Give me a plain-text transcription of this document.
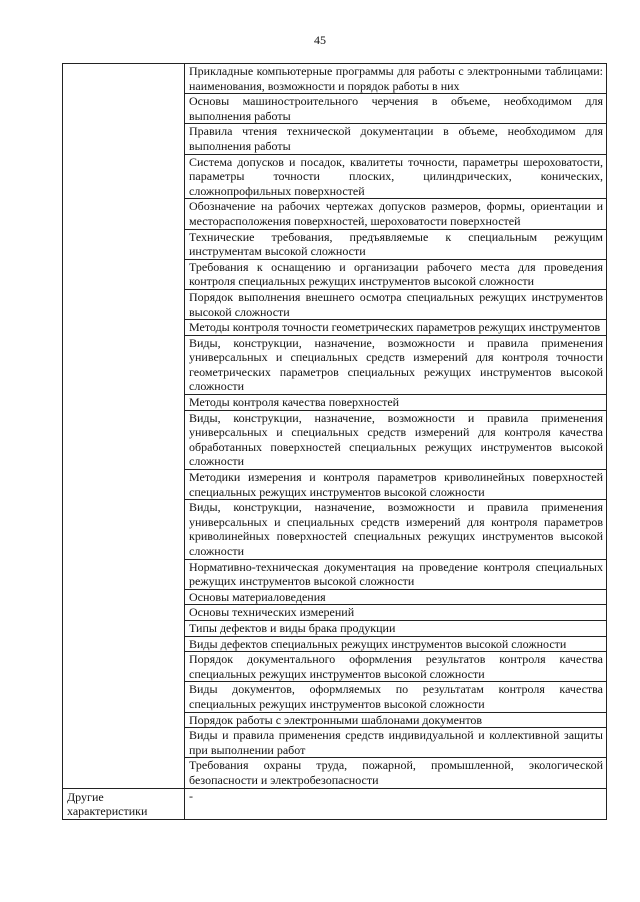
45
	Прикладные компьютерные программы для работы с электронными таблицами: наименования, возможности и порядок работы в них
	Основы машиностроительного черчения в объеме, необходимом для выполнения работы
	Правила чтения технической документации в объеме, необходимом для выполнения работы
	Система допусков и посадок, квалитеты точности, параметры шероховатости, параметры точности плоских, цилиндрических, конических, сложнопрофильных поверхностей
	Обозначение на рабочих чертежах допусков размеров, формы, ориентации и месторасположения поверхностей, шероховатости поверхностей
	Технические требования, предъявляемые к специальным режущим инструментам высокой сложности
	Требования к оснащению и организации рабочего места для проведения контроля специальных режущих инструментов высокой сложности
	Порядок выполнения внешнего осмотра специальных режущих инструментов высокой сложности
	Методы контроля точности геометрических параметров режущих инструментов
	Виды, конструкции, назначение, возможности и правила применения универсальных и специальных средств измерений для контроля точности геометрических параметров специальных режущих инструментов высокой сложности
	Методы контроля качества поверхностей
	Виды, конструкции, назначение, возможности и правила применения универсальных и специальных средств измерений для контроля качества обработанных поверхностей специальных режущих инструментов высокой сложности
	Методики измерения и контроля параметров криволинейных поверхностей специальных режущих инструментов высокой сложности
	Виды, конструкции, назначение, возможности и правила применения универсальных и специальных средств измерений для контроля параметров криволинейных поверхностей специальных режущих инструментов высокой сложности
	Нормативно-техническая документация на проведение контроля специальных режущих инструментов высокой сложности
	Основы материаловедения
	Основы технических измерений
	Типы дефектов и виды брака продукции
	Виды дефектов специальных режущих инструментов высокой сложности
	Порядок документального оформления результатов контроля качества специальных режущих инструментов высокой сложности
	Виды документов, оформляемых по результатам контроля качества специальных режущих инструментов высокой сложности
	Порядок работы с электронными шаблонами документов
	Виды и правила применения средств индивидуальной и коллективной защиты при выполнении работ
	Требования охраны труда, пожарной, промышленной, экологической безопасности и электробезопасности
Другие характеристики	-
